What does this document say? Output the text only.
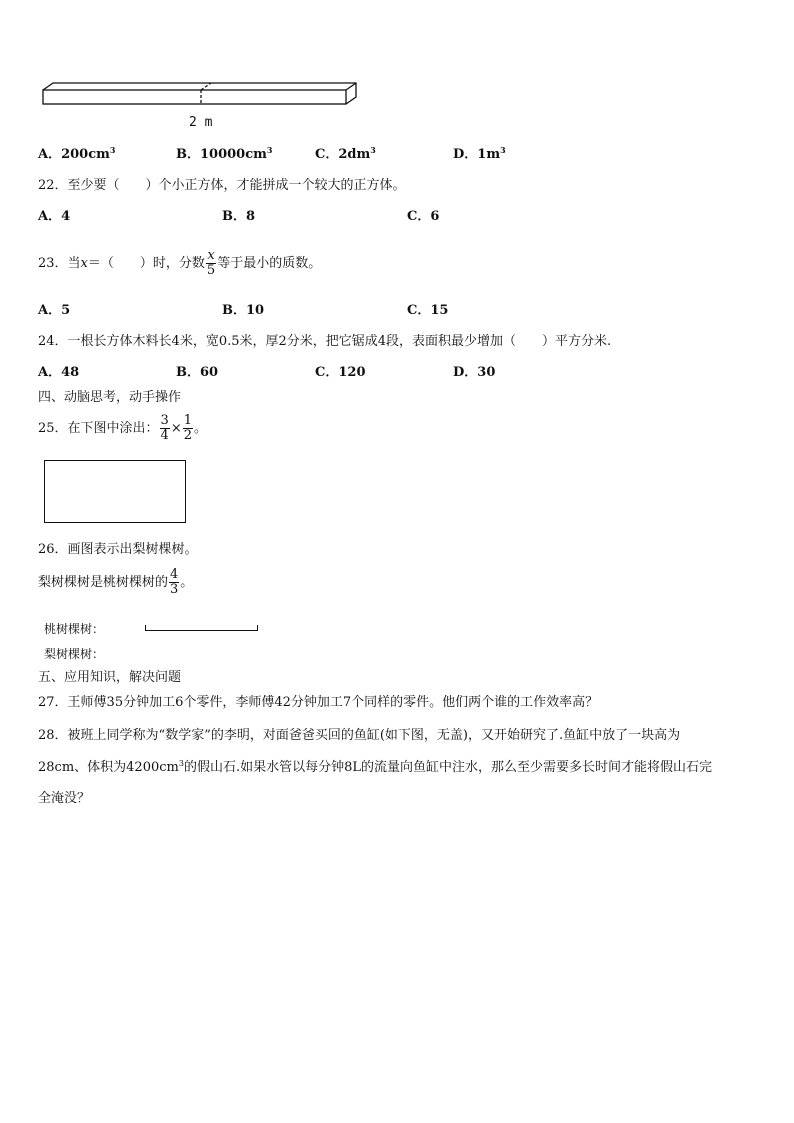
2 m
A．$200cm^3$	B．$10000cm^3$	C．$2dm^3$	D．$1m^3$
22．至少要（　　）个小正方体，才能拼成一个较大的正方体。
A．4	B．8	C．6
23．当x＝（　　）时，分数 $\frac{x}{5}$ 等于最小的质数。
A．5	B．10	C．15
24．一根长方体木料长4米，宽0.5米，厚2分米，把它锯成4段，表面积最少增加（　　）平方分米.
A．48	B．60	C．120	D．30
四、动脑思考，动手操作
25．在下图中涂出： $\frac{3}{4} \times \frac{1}{2}$ 。
26．画图表示出梨树棵树。
梨树棵树是桃树棵树的 $\frac{4}{3}$ 。
桃树棵树：
梨树棵树：
五、应用知识，解决问题
27．王师傅35分钟加工6个零件，李师傅42分钟加工7个同样的零件。他们两个谁的工作效率高？
28．被班上同学称为“数学家”的李明，对面爸爸买回的鱼缸(如下图，无盖)，又开始研究了.鱼缸中放了一块高为
28cm、体积为$4200cm^3$的假山石.如果水管以每分钟8L的流量向鱼缸中注水，那么至少需要多长时间才能将假山石完
全淹没？
